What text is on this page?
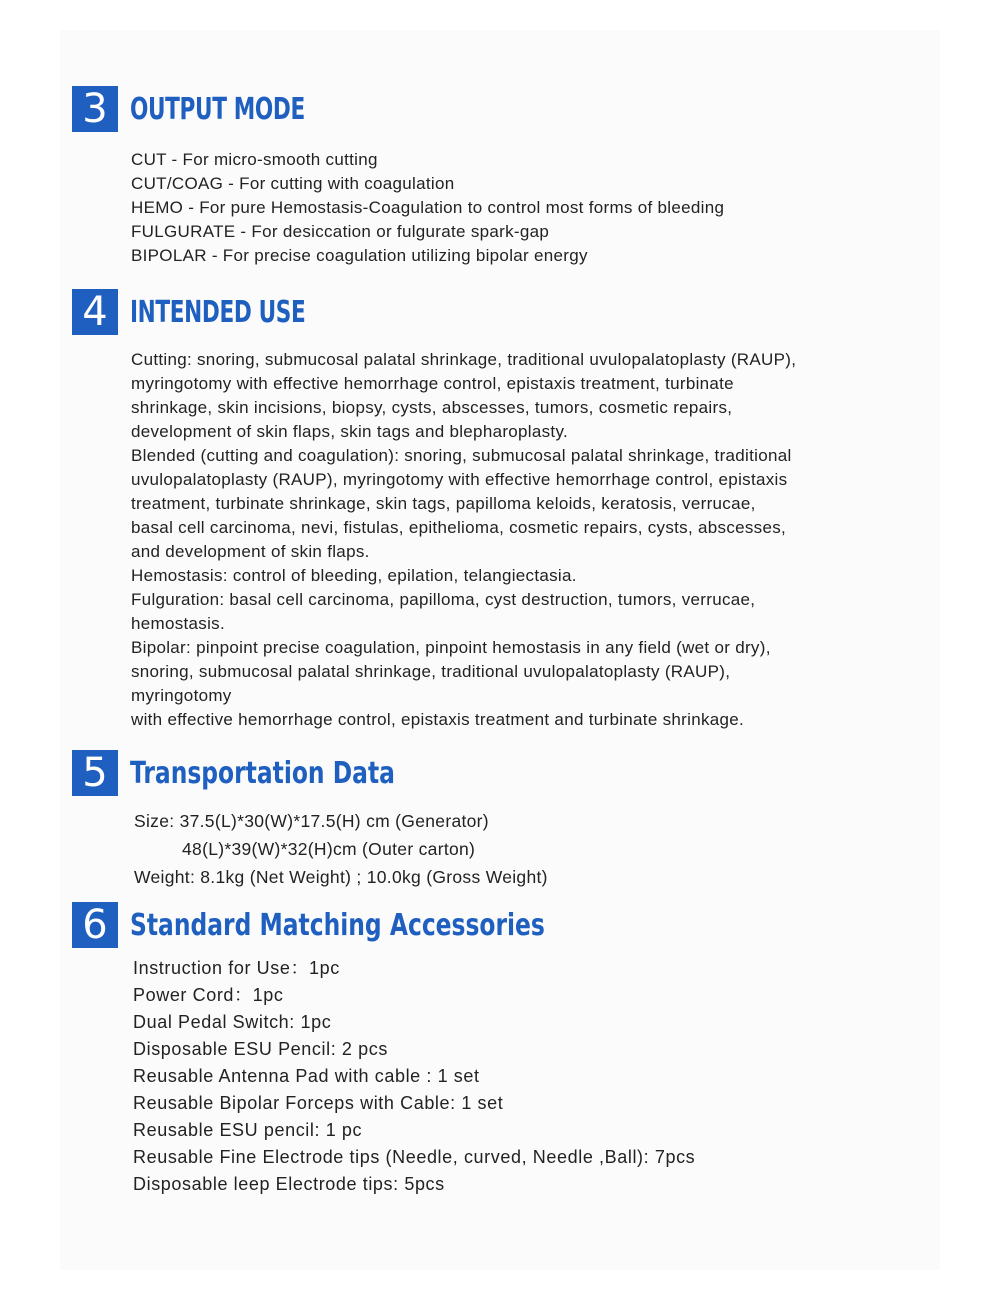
3 OUTPUT MODE
CUT - For micro-smooth cutting
CUT/COAG - For cutting with coagulation
HEMO - For pure Hemostasis-Coagulation to control most forms of bleeding
FULGURATE - For desiccation or fulgurate spark-gap
BIPOLAR - For precise coagulation utilizing bipolar energy
4 INTENDED USE
Cutting: snoring, submucosal palatal shrinkage, traditional uvulopalatoplasty (RAUP),
myringotomy with effective hemorrhage control, epistaxis treatment, turbinate
shrinkage, skin incisions, biopsy, cysts, abscesses, tumors, cosmetic repairs,
development of skin flaps, skin tags and blepharoplasty.
Blended (cutting and coagulation): snoring, submucosal palatal shrinkage, traditional
uvulopalatoplasty (RAUP), myringotomy with effective hemorrhage control, epistaxis
treatment, turbinate shrinkage, skin tags, papilloma keloids, keratosis, verrucae,
basal cell carcinoma, nevi, fistulas, epithelioma, cosmetic repairs, cysts, abscesses,
and development of skin flaps.
Hemostasis: control of bleeding, epilation, telangiectasia.
Fulguration: basal cell carcinoma, papilloma, cyst destruction, tumors, verrucae,
hemostasis.
Bipolar: pinpoint precise coagulation, pinpoint hemostasis in any field (wet or dry),
snoring, submucosal palatal shrinkage, traditional uvulopalatoplasty (RAUP),
myringotomy
with effective hemorrhage control, epistaxis treatment and turbinate shrinkage.
5 Transportation Data
Size: 37.5(L)*30(W)*17.5(H) cm (Generator)
48(L)*39(W)*32(H)cm (Outer carton)
Weight: 8.1kg (Net Weight) ; 10.0kg (Gross Weight)
6 Standard Matching Accessories
Instruction for Use：1pc
Power Cord：1pc
Dual Pedal Switch: 1pc
Disposable ESU Pencil: 2 pcs
Reusable Antenna Pad with cable : 1 set
Reusable Bipolar Forceps with Cable: 1 set
Reusable ESU pencil: 1 pc
Reusable Fine Electrode tips (Needle, curved, Needle ,Ball): 7pcs
Disposable leep Electrode tips: 5pcs
